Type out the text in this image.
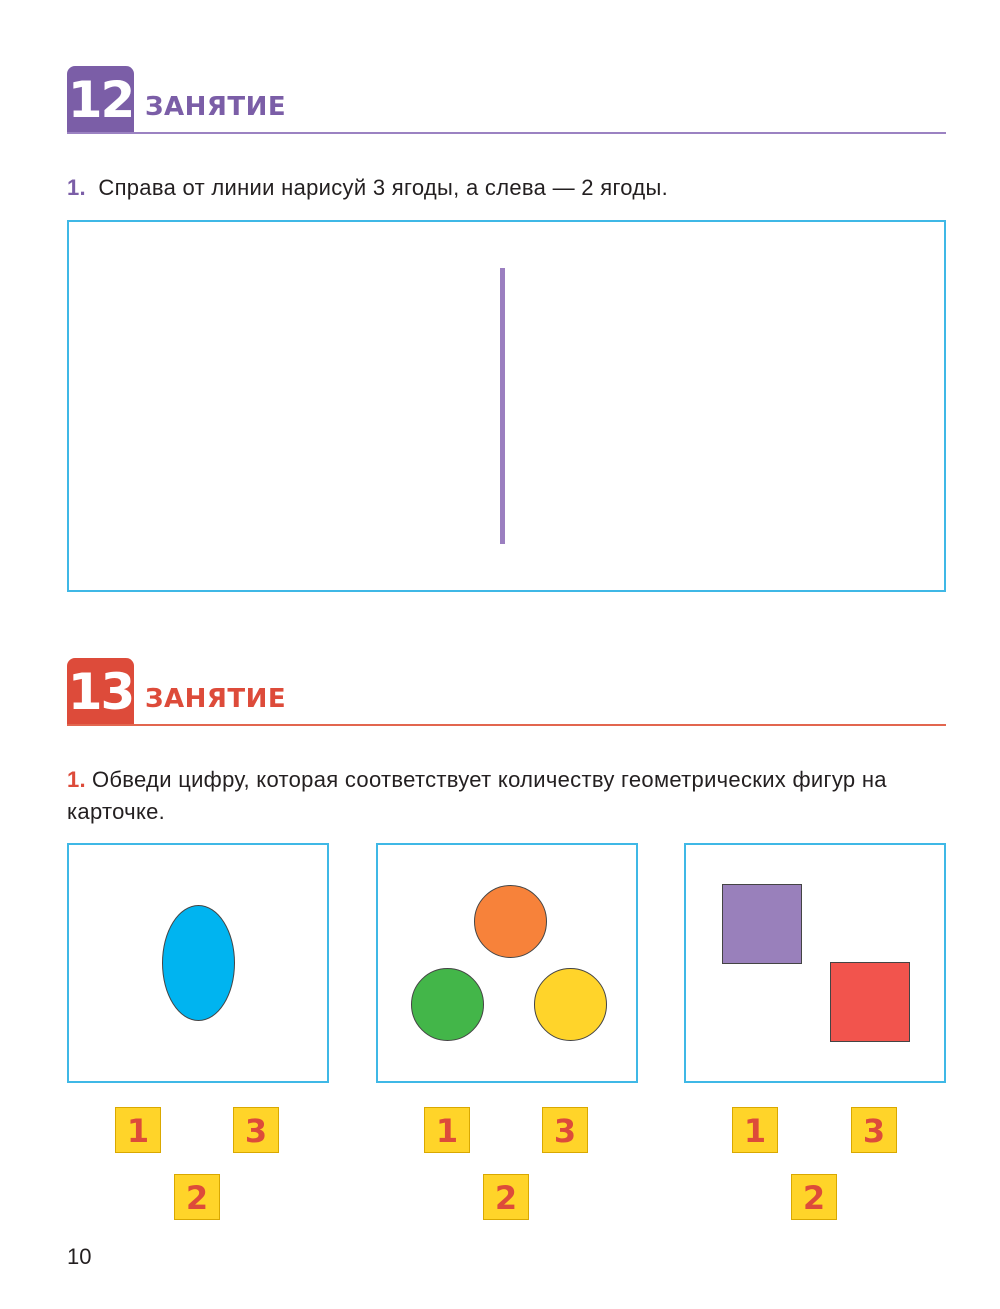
12 ЗАНЯТИЕ
1. Справа от линии нарисуй 3 ягоды, а слева — 2 ягоды.
13 ЗАНЯТИЕ
1. Обведи цифру, которая соответствует количеству геометрических фигур на карточке.
1	3
2
1	3
2
1	3
2
10
